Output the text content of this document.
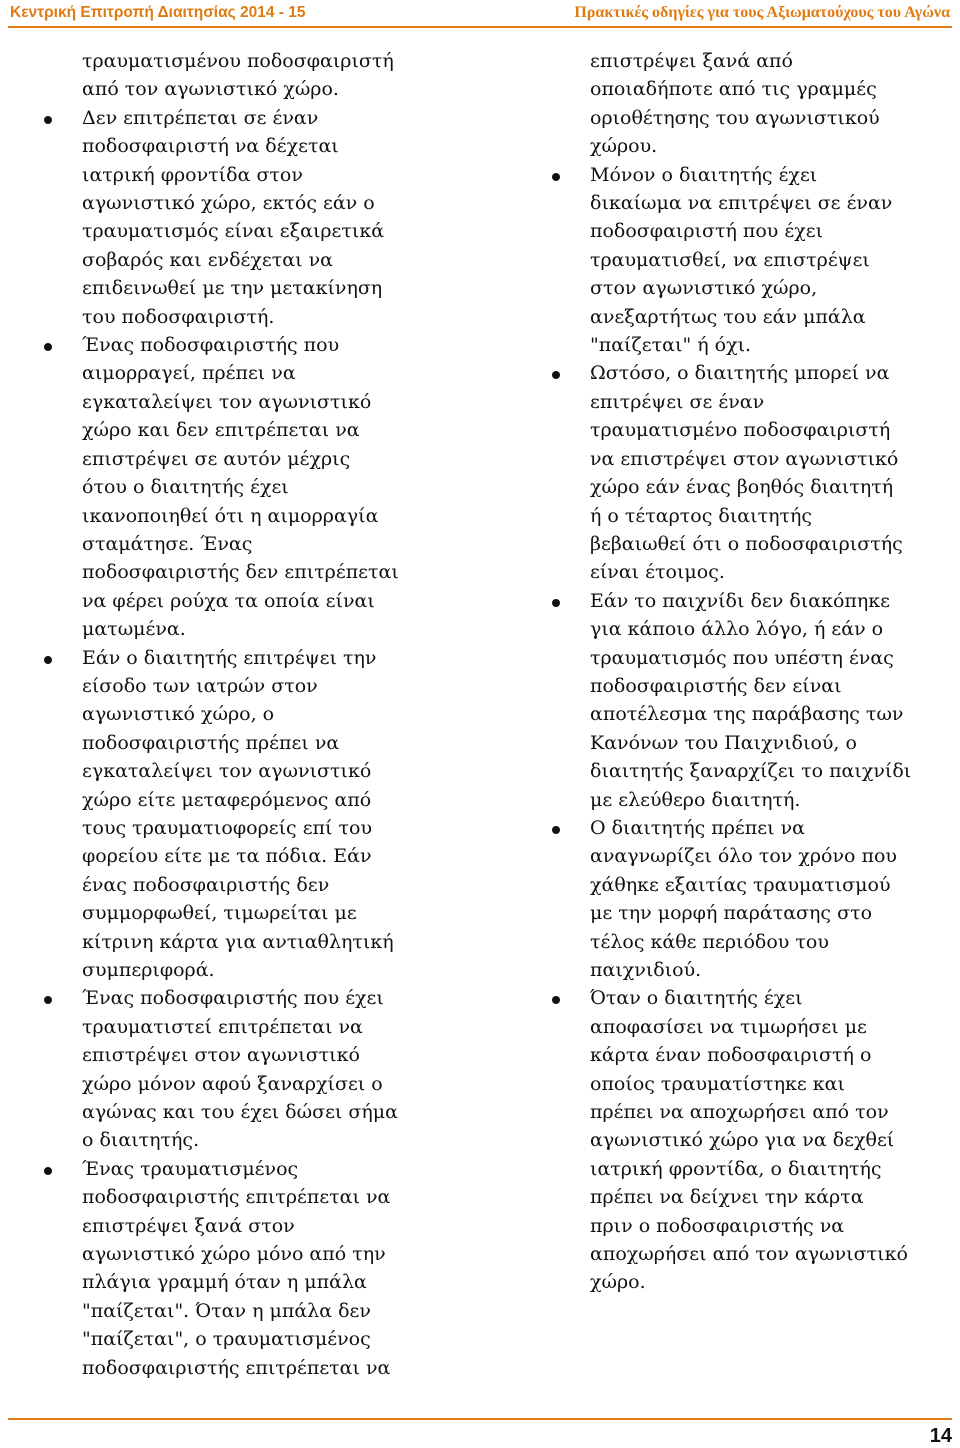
Κεντρική Επιτροπή Διαιτησίας 2014 - 15	Πρακτικές οδηγίες για τους Αξιωματούχους του Αγώνα
τραυματισμένου ποδοσφαιριστή
από τον αγωνιστικό χώρο.
Δεν επιτρέπεται σε έναν
ποδοσφαιριστή να δέχεται
ιατρική φροντίδα στον
αγωνιστικό χώρο, εκτός εάν ο
τραυματισμός είναι εξαιρετικά
σοβαρός και ενδέχεται να
επιδεινωθεί με την μετακίνηση
του ποδοσφαιριστή.
Ένας ποδοσφαιριστής που
αιμορραγεί, πρέπει να
εγκαταλείψει τον αγωνιστικό
χώρο και δεν επιτρέπεται να
επιστρέψει σε αυτόν μέχρις
ότου ο διαιτητής έχει
ικανοποιηθεί ότι η αιμορραγία
σταμάτησε. Ένας
ποδοσφαιριστής δεν επιτρέπεται
να φέρει ρούχα τα οποία είναι
ματωμένα.
Εάν ο διαιτητής επιτρέψει την
είσοδο των ιατρών στον
αγωνιστικό χώρο, ο
ποδοσφαιριστής πρέπει να
εγκαταλείψει τον αγωνιστικό
χώρο είτε μεταφερόμενος από
τους τραυματιοφορείς επί του
φορείου είτε με τα πόδια. Εάν
ένας ποδοσφαιριστής δεν
συμμορφωθεί, τιμωρείται με
κίτρινη κάρτα για αντιαθλητική
συμπεριφορά.
Ένας ποδοσφαιριστής που έχει
τραυματιστεί επιτρέπεται να
επιστρέψει στον αγωνιστικό
χώρο μόνον αφού ξαναρχίσει ο
αγώνας και του έχει δώσει σήμα
ο διαιτητής.
Ένας τραυματισμένος
ποδοσφαιριστής επιτρέπεται να
επιστρέψει ξανά στον
αγωνιστικό χώρο μόνο από την
πλάγια γραμμή όταν η μπάλα
"παίζεται". Όταν η μπάλα δεν
"παίζεται", ο τραυματισμένος
ποδοσφαιριστής επιτρέπεται να
επιστρέψει ξανά από
οποιαδήποτε από τις γραμμές
οριοθέτησης του αγωνιστικού
χώρου.
Μόνον ο διαιτητής έχει
δικαίωμα να επιτρέψει σε έναν
ποδοσφαιριστή που έχει
τραυματισθεί, να επιστρέψει
στον αγωνιστικό χώρο,
ανεξαρτήτως του εάν μπάλα
"παίζεται" ή όχι.
Ωστόσο, ο διαιτητής μπορεί να
επιτρέψει σε έναν
τραυματισμένο ποδοσφαιριστή
να επιστρέψει στον αγωνιστικό
χώρο εάν ένας βοηθός διαιτητή
ή ο τέταρτος διαιτητής
βεβαιωθεί ότι ο ποδοσφαιριστής
είναι έτοιμος.
Εάν το παιχνίδι δεν διακόπηκε
για κάποιο άλλο λόγο, ή εάν ο
τραυματισμός που υπέστη ένας
ποδοσφαιριστής δεν είναι
αποτέλεσμα της παράβασης των
Κανόνων του Παιχνιδιού, ο
διαιτητής ξαναρχίζει το παιχνίδι
με ελεύθερο διαιτητή.
Ο διαιτητής πρέπει να
αναγνωρίζει όλο τον χρόνο που
χάθηκε εξαιτίας τραυματισμού
με την μορφή παράτασης στο
τέλος κάθε περιόδου του
παιχνιδιού.
Όταν ο διαιτητής έχει
αποφασίσει να τιμωρήσει με
κάρτα έναν ποδοσφαιριστή ο
οποίος τραυματίστηκε και
πρέπει να αποχωρήσει από τον
αγωνιστικό χώρο για να δεχθεί
ιατρική φροντίδα, ο διαιτητής
πρέπει να δείχνει την κάρτα
πριν ο ποδοσφαιριστής να
αποχωρήσει από τον αγωνιστικό
χώρο.
14
